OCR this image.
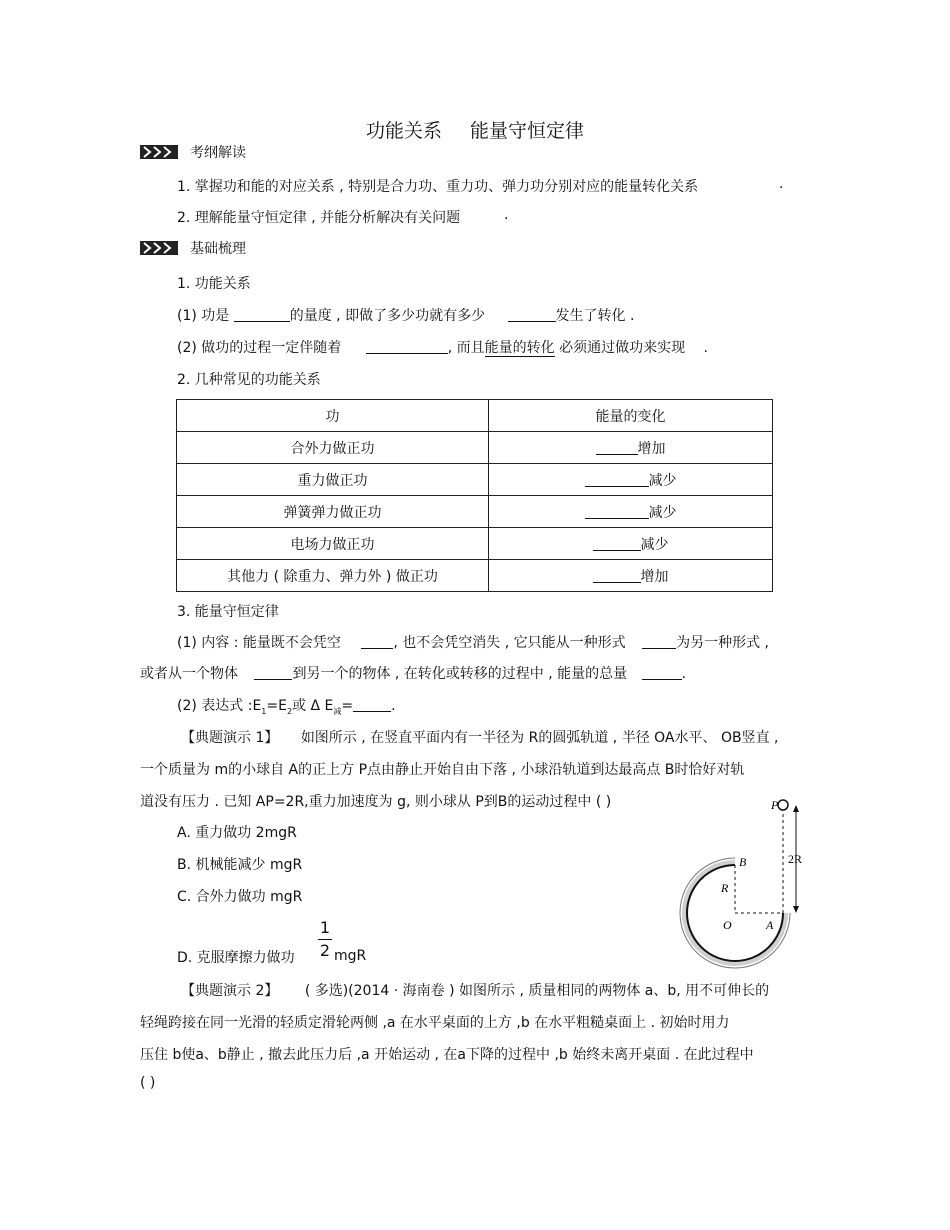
功能关系 能量守恒定律
考纲解读
1. 掌握功和能的对应关系 , 特别是合力功、重力功、弹力功分别对应的能量转化关系	.
2. 理解能量守恒定律 , 并能分析解决有关问题	.
基础梳理
1. 功能关系
(1) 功是	的量度 , 即做了多少功就有多少	发生了转化 .
(2) 做功的过程一定伴随着	, 而且能量的转化 必须通过做功来实现 .
2. 几种常见的功能关系
功	能量的变化
合外力做正功	增加
重力做正功	减少
弹簧弹力做正功	减少
电场力做正功	减少
其他力 ( 除重力、弹力外 ) 做正功	增加
3. 能量守恒定律
(1) 内容 : 能量既不会凭空	, 也不会凭空消失 , 它只能从一种形式	为另一种形式 ,
或者从一个物体	到另一个的物体 , 在转化或转移的过程中 , 能量的总量	.
(2) 表达式 $:E_1=E_2$或 Δ $E_减=$	.
【典题演示 1】 如图所示 , 在竖直平面内有一半径为 R的圆弧轨道 , 半径 OA水平、 OB竖直 ,
一个质量为 m的小球自 A的正上方 P点由静止开始自由下落 , 小球沿轨道到达最高点 B时恰好对轨
道没有压力 . 已知 AP=2R,重力加速度为 g, 则小球从 P到B的运动过程中 ( )
A. 重力做功 2mgR
B. 机械能减少 mgR
C. 合外力做功 mgR
D. 克服摩擦力做功
1
2 mgR
P
B
R
O	A
2R
【典题演示 2】 ( 多选)(2014 · 海南卷 ) 如图所示 , 质量相同的两物体 a、b, 用不可伸长的
轻绳跨接在同一光滑的轻质定滑轮两侧 ,a 在水平桌面的上方 ,b 在水平粗糙桌面上 . 初始时用力
压住 b使a、b静止 , 撤去此压力后 ,a 开始运动 , 在a下降的过程中 ,b 始终未离开桌面 . 在此过程中
( )
